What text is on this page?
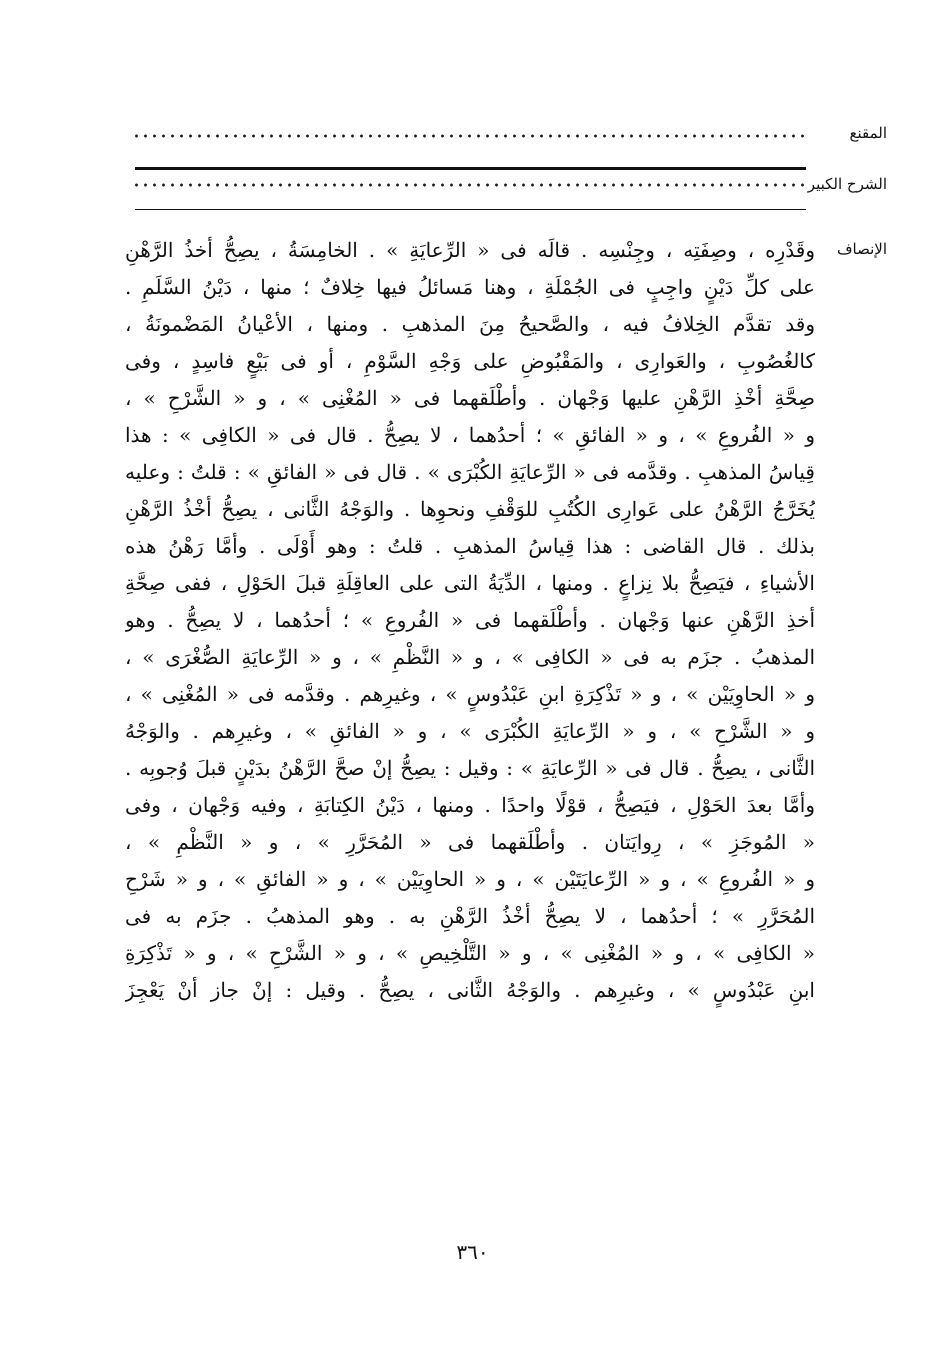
المقنع
الشرح الكبير
الإنصاف
وقَدْرِه ، وصِفَتِه ، وجِنْسِه . قالَه فى « الرِّعايَةِ » . الخامِسَةُ ، يصِحُّ أخذُ الرَّهْنِ
على كلِّ دَيْنٍ واجِبٍ فى الجُمْلَةِ ، وهنا مَسائلُ فيها خِلافٌ ؛ منها ، دَيْنُ السَّلَمِ .
وقد تقدَّم الخِلافُ فيه ، والصَّحيحُ مِنَ المذهبِ . ومنها ، الأعْيانُ المَضْمونَةُ ،
كالغُصُوبِ ، والعَوارِى ، والمَقْبُوضِ على وَجْهِ السَّوْمِ ، أو فى بَيْعٍ فاسِدٍ ، وفى
صِحَّةِ أخْذِ الرَّهْنِ عليها وَجْهان . وأطْلَقهما فى « المُغْنِى » ، و « الشَّرْحِ » ،
و « الفُروعِ » ، و « الفائقِ » ؛ أحدُهما ، لا يصِحُّ . قال فى « الكافِى » : هذا
قِياسُ المذهبِ . وقدَّمه فى « الرِّعايَةِ الكُبْرَى » . قال فى « الفائقِ » : قلتُ : وعليه
يُخَرَّجُ الرَّهْنُ على عَوارِى الكُتُبِ للوَقْفِ ونحوِها . والوَجْهُ الثَّانى ، يصِحُّ أخْذُ الرَّهْنِ
بذلك . قال القاضى : هذا قِياسُ المذهبِ . قلتُ : وهو أَوْلَى . وأمَّا رَهْنُ هذه
الأشياءِ ، فيَصِحُّ بلا نِزاعٍ . ومنها ، الدِّيَةُ التى على العاقِلَةِ قبلَ الحَوْلِ ، ففى صِحَّةِ
أخذِ الرَّهْنِ عنها وَجْهان . وأطْلَقهما فى « الفُروعِ » ؛ أحدُهما ، لا يصِحُّ . وهو
المذهبُ . جزَم به فى « الكافِى » ، و « النَّظْمِ » ، و « الرِّعايَةِ الصُّغْرَى » ،
و « الحاوِيَيْن » ، و « تَذْكِرَةِ ابنِ عَبْدُوسٍ » ، وغيرِهم . وقدَّمه فى « المُغْنِى » ،
و « الشَّرْحِ » ، و « الرِّعايَةِ الكُبْرَى » ، و « الفائقِ » ، وغيرِهم . والوَجْهُ
الثَّانى ، يصِحُّ . قال فى « الرِّعايَةِ » : وقيل : يصِحُّ إنْ صحَّ الرَّهْنُ بدَيْنٍ قبلَ وُجوبِه .
وأمَّا بعدَ الحَوْلِ ، فيَصِحُّ ، قوْلًا واحدًا . ومنها ، دَيْنُ الكِتابَةِ ، وفيه وَجْهان ، وفى
« المُوجَزِ » ، رِوايَتان . وأطْلَقهما فى « المُحَرَّرِ » ، و « النَّظْمِ » ،
و « الفُروعِ » ، و « الرِّعايَتَيْن » ، و « الحاوِيَيْن » ، و « الفائقِ » ، و « شَرْحِ
المُحَرَّرِ » ؛ أحدُهما ، لا يصِحُّ أخْذُ الرَّهْنِ به . وهو المذهبُ . جزَم به فى
« الكافِى » ، و « المُغْنِى » ، و « التَّلْخِيصِ » ، و « الشَّرْحِ » ، و « تَذْكِرَةِ
ابنِ عَبْدُوسٍ » ، وغيرِهم . والوَجْهُ الثَّانى ، يصِحُّ . وقيل : إنْ جاز أنْ يَعْجِزَ
٣٦٠
